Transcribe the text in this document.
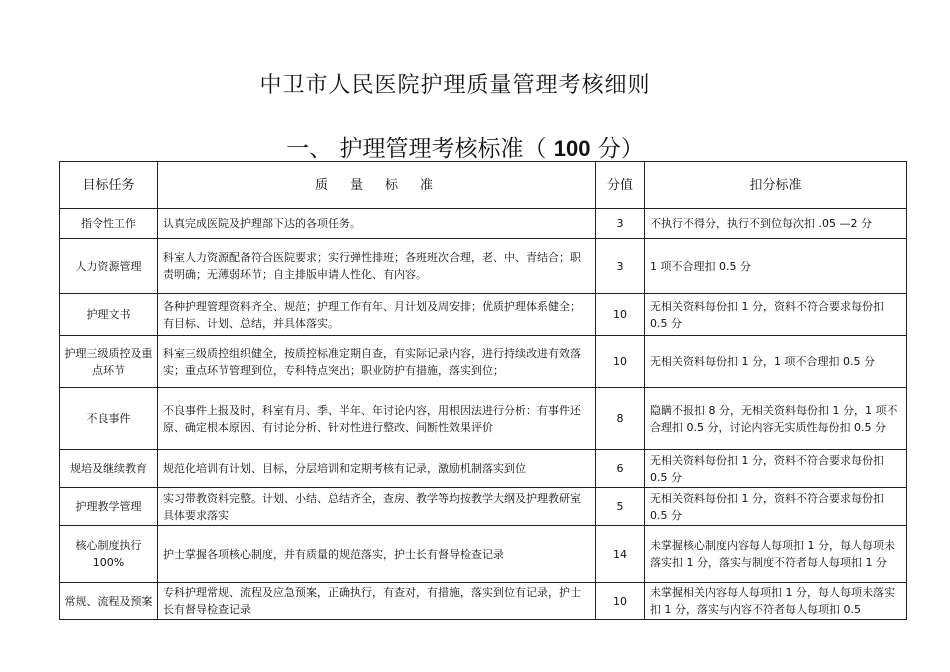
中卫市人民医院护理质量管理考核细则
一、 护理管理考核标准（ 100 分）
目标任务	质量标准	分值	扣分标准
指令性工作	认真完成医院及护理部下达的各项任务。	3	不执行不得分，执行不到位每次扣 .05 —2 分
人力资源管理	科室人力资源配备符合医院要求；实行弹性排班；各班班次合理，老、中、青结合；职责明确；无薄弱环节；自主排版申请人性化、有内容。	3	1 项不合理扣 0.5 分
护理文书	各种护理管理资料齐全、规范；护理工作有年、月计划及周安排；优质护理体系健全；有目标、计划、总结，并具体落实。	10	无相关资料每份扣 1 分，资料不符合要求每份扣 0.5 分
护理三级质控及重点环节	科室三级质控组织健全，按质控标准定期自查，有实际记录内容，进行持续改进有效落实；重点环节管理到位，专科特点突出；职业防护有措施，落实到位；	10	无相关资料每份扣 1 分，1 项不合理扣 0.5 分
不良事件	不良事件上报及时，科室有月、季、半年、年讨论内容，用根因法进行分析：有事件还原、确定根本原因、有讨论分析、针对性进行整改、间断性效果评价	8	隐瞒不报扣 8 分，无相关资料每份扣 1 分，1 项不合理扣 0.5 分，讨论内容无实质性每份扣 0.5 分
规培及继续教育	规范化培训有计划、目标，分层培训和定期考核有记录，激励机制落实到位	6	无相关资料每份扣 1 分，资料不符合要求每份扣 0.5 分
护理教学管理	实习带教资料完整。计划、小结、总结齐全，查房、教学等均按教学大纲及护理教研室具体要求落实	5	无相关资料每份扣 1 分，资料不符合要求每份扣 0.5 分
核心制度执行100%	护士掌握各项核心制度，并有质量的规范落实，护士长有督导检查记录	14	未掌握核心制度内容每人每项扣 1 分，每人每项未落实扣 1 分，落实与制度不符者每人每项扣 1 分
常规、流程及预案	专科护理常规、流程及应急预案，正确执行，有查对，有措施，落实到位有记录，护士长有督导检查记录	10	未掌握相关内容每人每项扣 1 分，每人每项未落实扣 1 分，落实与内容不符者每人每项扣 0.5
